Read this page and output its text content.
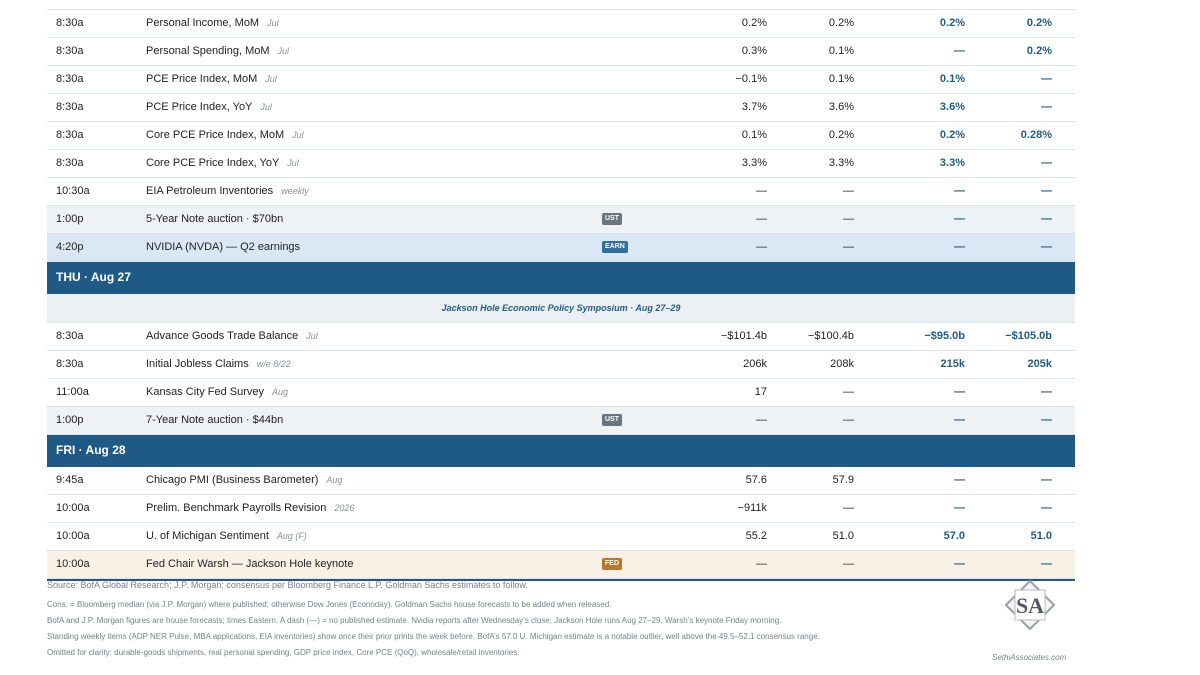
8:30a	Personal Income, MoM Jul	0.2%	0.2%	0.2%	0.2%
8:30a	Personal Spending, MoM Jul	0.3%	0.1%	—	0.2%
8:30a	PCE Price Index, MoM Jul	−0.1%	0.1%	0.1%	—
8:30a	PCE Price Index, YoY Jul	3.7%	3.6%	3.6%	—
8:30a	Core PCE Price Index, MoM Jul	0.1%	0.2%	0.2%	0.28%
8:30a	Core PCE Price Index, YoY Jul	3.3%	3.3%	3.3%	—
10:30a	EIA Petroleum Inventories weekly	—	—	—	—
1:00p	5-Year Note auction · $70bn	UST	—	—	—	—
4:20p	NVIDIA (NVDA) — Q2 earnings	EARN	—	—	—	—
THU · Aug 27
Jackson Hole Economic Policy Symposium · Aug 27–29
8:30a	Advance Goods Trade Balance Jul	−$101.4b	−$100.4b	−$95.0b	−$105.0b
8:30a	Initial Jobless Claims w/e 8/22	206k	208k	215k	205k
11:00a	Kansas City Fed Survey Aug	17	—	—	—
1:00p	7-Year Note auction · $44bn	UST	—	—	—	—
FRI · Aug 28
9:45a	Chicago PMI (Business Barometer) Aug	57.6	57.9	—	—
10:00a	Prelim. Benchmark Payrolls Revision 2026	−911k	—	—	—
10:00a	U. of Michigan Sentiment Aug (F)	55.2	51.0	57.0	51.0
10:00a	Fed Chair Warsh — Jackson Hole keynote	FED	—	—	—	—
Source: BofA Global Research; J.P. Morgan; consensus per Bloomberg Finance L.P. Goldman Sachs estimates to follow.
Cons. = Bloomberg median (via J.P. Morgan) where published; otherwise Dow Jones (Econoday). Goldman Sachs house forecasts to be added when released.
BofA and J.P. Morgan figures are house forecasts; times Eastern. A dash (—) = no published estimate. Nvidia reports after Wednesday’s close; Jackson Hole runs Aug 27–29, Warsh’s keynote Friday morning.
Standing weekly items (ADP NER Pulse, MBA applications, EIA inventories) show once their prior prints the week before. BofA’s 57.0 U. Michigan estimate is a notable outlier, well above the 49.5–52.1 consensus range.
Omitted for clarity: durable-goods shipments, real personal spending, GDP price index, Core PCE (QoQ), wholesale/retail inventories.
SA
SethiAssociates.com
